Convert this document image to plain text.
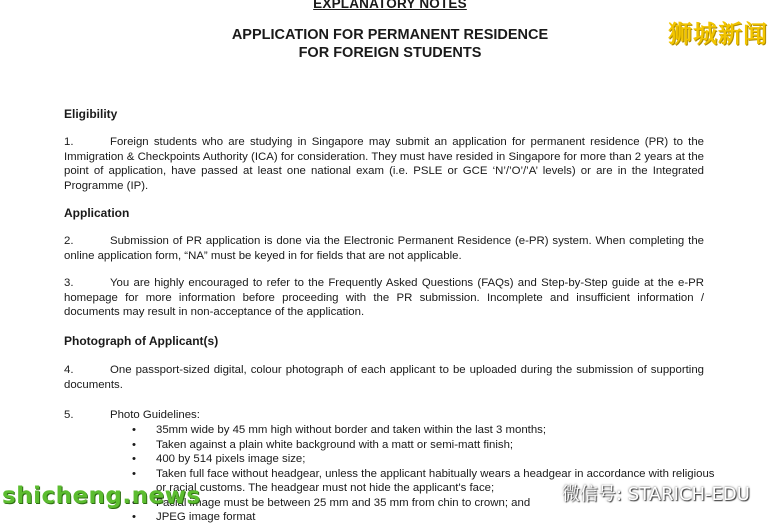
EXPLANATORY NOTES
APPLICATION FOR PERMANENT RESIDENCE
FOR FOREIGN STUDENTS
Eligibility
1.	Foreign students who are studying in Singapore may submit an application for permanent residence (PR) to the Immigration & Checkpoints Authority (ICA) for consideration. They must have resided in Singapore for more than 2 years at the point of application, have passed at least one national exam (i.e. PSLE or GCE ‘N’/’O’/’A’ levels) or are in the Integrated Programme (IP).
Application
2.	Submission of PR application is done via the Electronic Permanent Residence (e-PR) system. When completing the online application form, “NA” must be keyed in for fields that are not applicable.
3.	You are highly encouraged to refer to the Frequently Asked Questions (FAQs) and Step-by-Step guide at the e-PR homepage for more information before proceeding with the PR submission. Incomplete and insufficient information / documents may result in non-acceptance of the application.
Photograph of Applicant(s)
4.	One passport-sized digital, colour photograph of each applicant to be uploaded during the submission of supporting documents.
5.	Photo Guidelines:
• 35mm wide by 45 mm high without border and taken within the last 3 months;
• Taken against a plain white background with a matt or semi-matt finish;
• 400 by 514 pixels image size;
• Taken full face without headgear, unless the applicant habitually wears a headgear in accordance with religious or racial customs. The headgear must not hide the applicant's face;
• Facial image must be between 25 mm and 35 mm from chin to crown; and
• JPEG image format
狮城新闻
shicheng.news	微信号: STARICH-EDU
